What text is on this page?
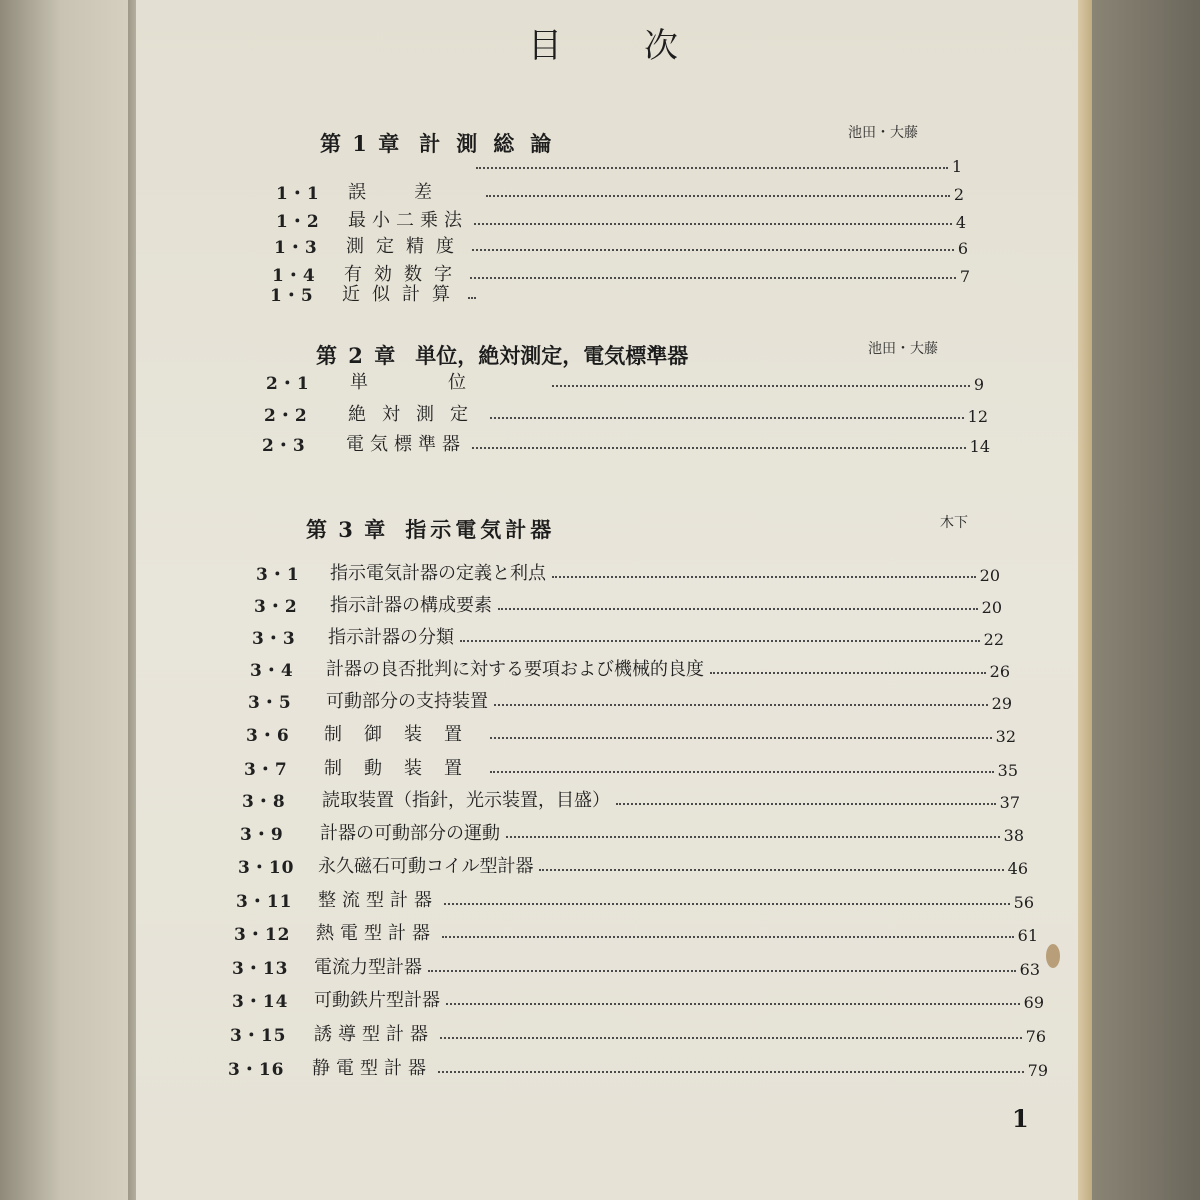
目次
第 1 章 計測総論	池田・大藤
1
1・1	誤差	2
1・2	最小二乗法	4
1・3	測定精度	6
1・4	有効数字	7
1・5	近似計算
第 2 章 単位，絶対測定，電気標準器	池田・大藤
2・1	単位	9
2・2	絶対測定	12
2・3	電気標準器	14
第 3 章 指示電気計器	木下
3・1	指示電気計器の定義と利点	20
3・2	指示計器の構成要素	20
3・3	指示計器の分類	22
3・4	計器の良否批判に対する要項および機械的良度	26
3・5	可動部分の支持装置	29
3・6	制御装置	32
3・7	制動装置	35
3・8	読取装置（指針，光示装置，目盛）	37
3・9	計器の可動部分の運動	38
3・10	永久磁石可動コイル型計器	46
3・11	整流型計器	56
3・12	熱電型計器	61
3・13	電流力型計器	63
3・14	可動鉄片型計器	69
3・15	誘導型計器	76
3・16	静電型計器	79
1
